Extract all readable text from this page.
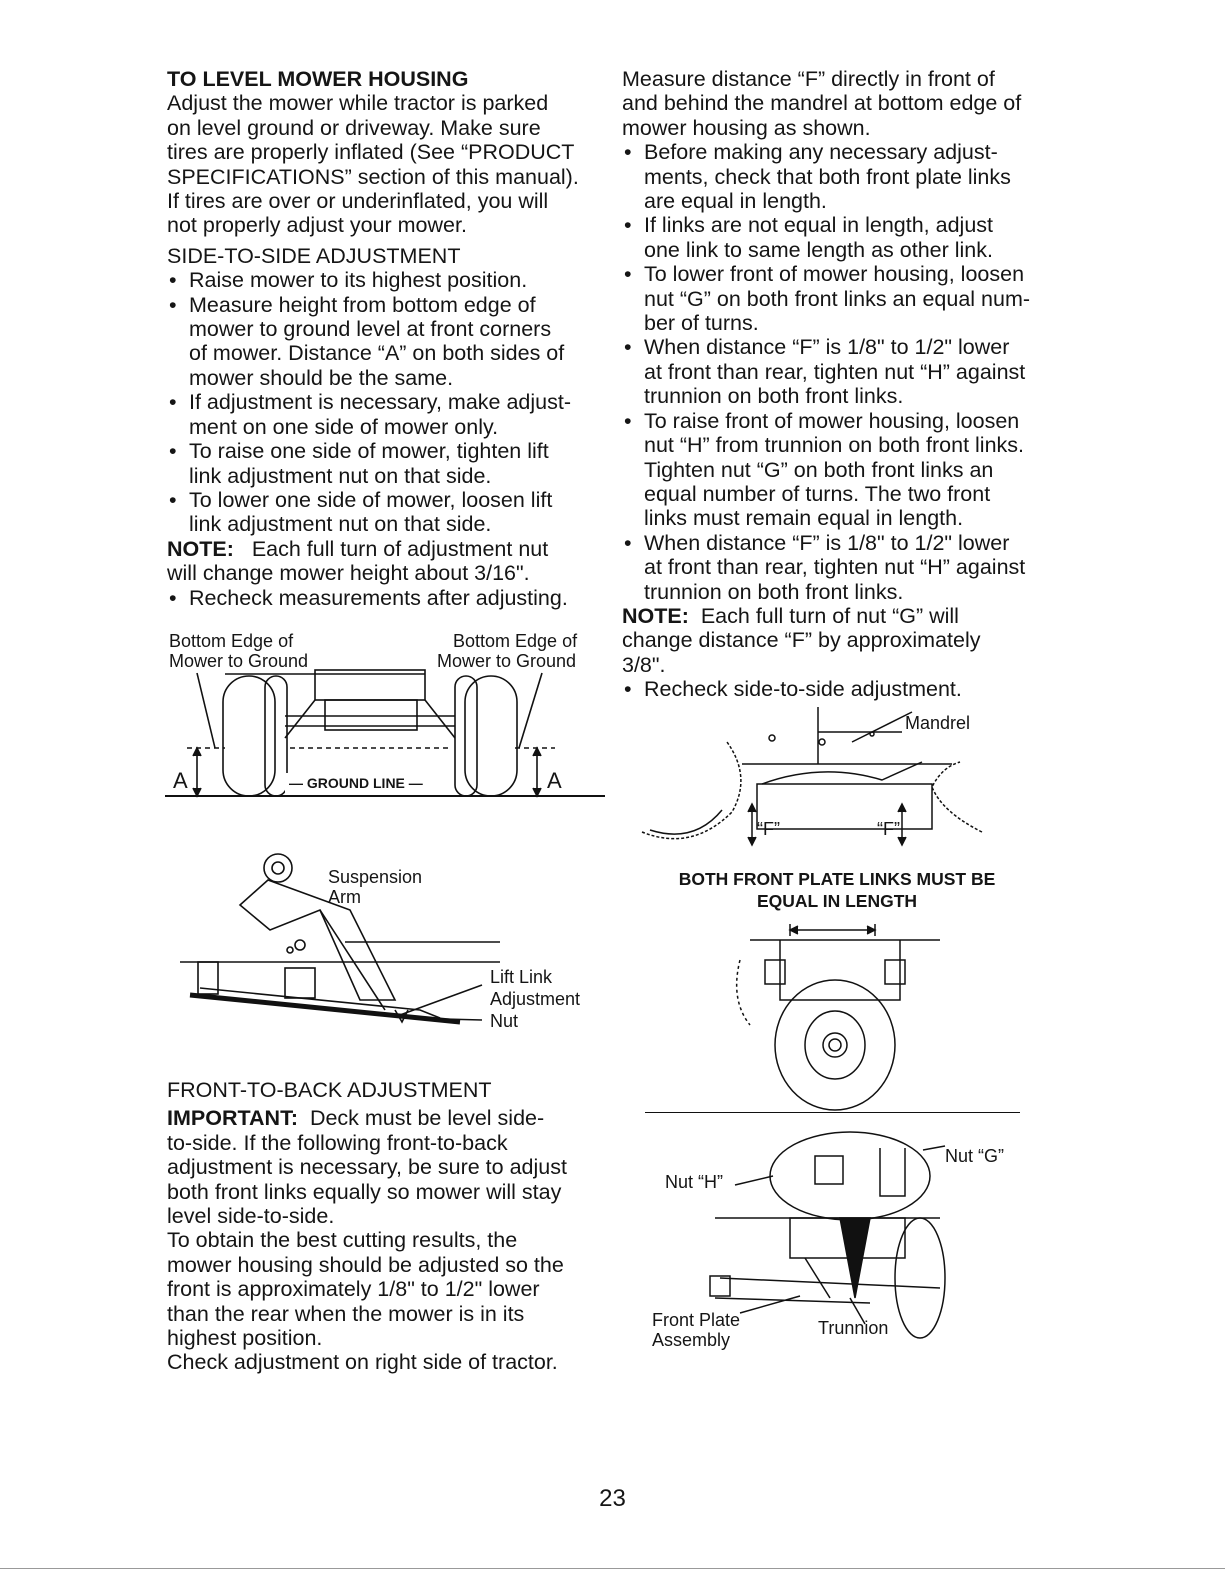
TO LEVEL MOWER HOUSING
Adjust the mower while tractor is parked
on level ground or driveway. Make sure
tires are properly inflated (See “PRODUCT
SPECIFICATIONS” section of this manual).
If tires are over or underinflated, you will
not properly adjust your mower.
SIDE-TO-SIDE ADJUSTMENT
• Raise mower to its highest position.
• Measure height from bottom edge of
mower to ground level at front corners
of mower. Distance “A” on both sides of
mower should be the same.
• If adjustment is necessary, make adjust-
ment on one side of mower only.
• To raise one side of mower, tighten lift
link adjustment nut on that side.
• To lower one side of mower, loosen lift
link adjustment nut on that side.
NOTE: Each full turn of adjustment nut
will change mower height about 3/16".
• Recheck measurements after adjusting.
FRONT-TO-BACK ADJUSTMENT
IMPORTANT: Deck must be level side-
to-side. If the following front-to-back
adjustment is necessary, be sure to adjust
both front links equally so mower will stay
level side-to-side.
To obtain the best cutting results, the
mower housing should be adjusted so the
front is approximately 1/8" to 1/2" lower
than the rear when the mower is in its
highest position.
Check adjustment on right side of tractor.
Measure distance “F” directly in front of
and behind the mandrel at bottom edge of
mower housing as shown.
• Before making any necessary adjust-
ments, check that both front plate links
are equal in length.
• If links are not equal in length, adjust
one link to same length as other link.
• To lower front of mower housing, loosen
nut “G” on both front links an equal num-
ber of turns.
• When distance “F” is 1/8" to 1/2" lower
at front than rear, tighten nut “H” against
trunnion on both front links.
• To raise front of mower housing, loosen
nut “H” from trunnion on both front links.
Tighten nut “G” on both front links an
equal number of turns. The two front
links must remain equal in length.
• When distance “F” is 1/8" to 1/2" lower
at front than rear, tighten nut “H” against
trunnion on both front links.
NOTE: Each full turn of nut “G” will
change distance “F” by approximately
3/8".
• Recheck side-to-side adjustment.
Bottom Edge of
Mower to Ground
Bottom Edge of
Mower to Ground
A	A
— GROUND LINE —
Suspension
Arm
Lift Link
Adjustment
Nut
Mandrel
“F”	“F”
BOTH FRONT PLATE LINKS MUST BE
EQUAL IN LENGTH
Nut “H”
Nut “G”
Front Plate
Assembly
Trunnion
23
